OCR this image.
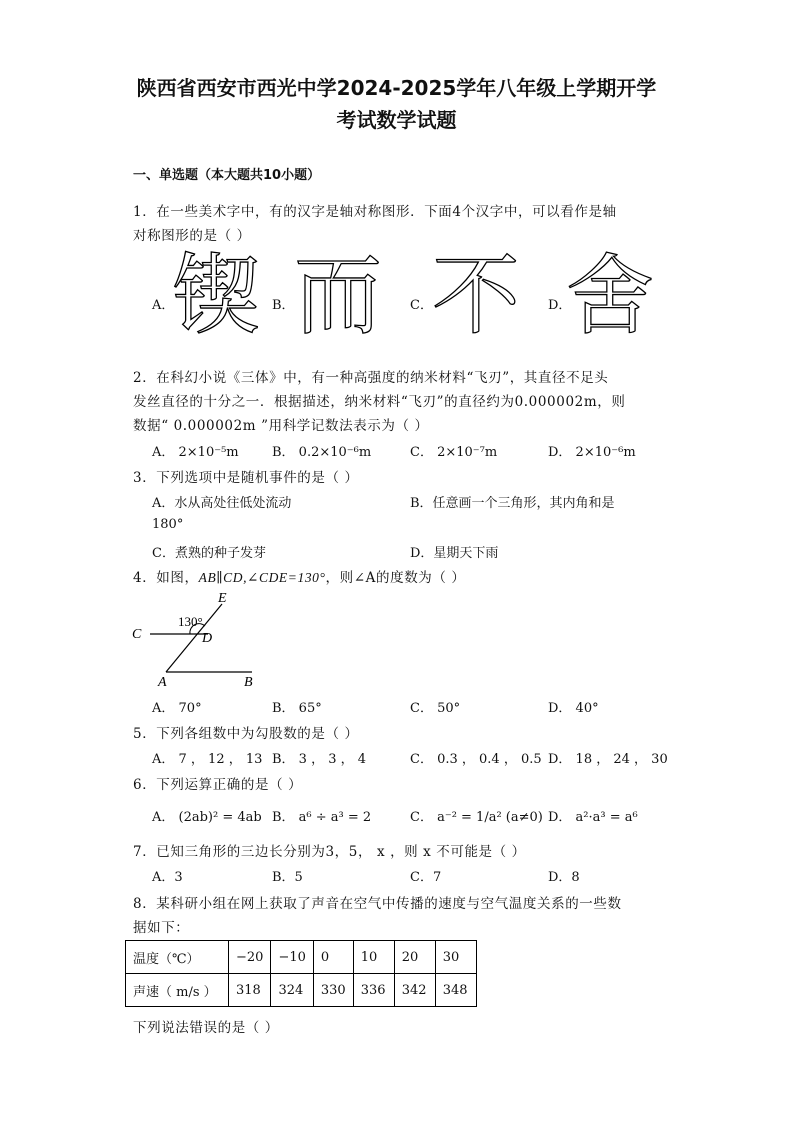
陕西省西安市西光中学2024-2025学年八年级上学期开学
考试数学试题
一、单选题（本大题共10小题）
1．在一些美术字中，有的汉字是轴对称图形．下面4个汉字中，可以看作是轴
对称图形的是（ ）
A．
锲 B． 而 C． 不 D．
舍
2．在科幻小说《三体》中，有一种高强度的纳米材料“飞刃”，其直径不足头
发丝直径的十分之一．根据描述，纳米材料“飞刃”的直径约为0.000002m，则
数据“ 0.000002m ”用科学记数法表示为（ ）
A． 2×10⁻⁵m	B． 0.2×10⁻⁶m	C． 2×10⁻⁷m	D． 2×10⁻⁶m
3．下列选项中是随机事件的是（ ）
A．水从高处往低处流动	B．任意画一个三角形，其内角和是
180°
C．煮熟的种子发芽	D．星期天下雨
4．如图，AB∥CD,∠CDE=130°，则∠A的度数为（ ）
E
C	D
A	B
130°
A． 70°	B． 65°	C． 50°	D． 40°
5．下列各组数中为勾股数的是（ ）
A． 7 ， 12 ， 13 B． 3 ， 3 ， 4	C． 0.3 ， 0.4 ， 0.5 D． 18 ， 24 ， 30
6．下列运算正确的是（ ）
A． (2ab)² = 4ab B． a⁶ ÷ a³ = 2	C． a⁻² = 1/a² (a≠0) D． a²·a³ = a⁶
7．已知三角形的三边长分别为3，5， x ，则 x 不可能是（ ）
A．3	B．5	C．7	D．8
8．某科研小组在网上获取了声音在空气中传播的速度与空气温度关系的一些数
据如下：
温度（℃）	−20	−10	0	10	20	30
声速（ m/s ）	318	324	330	336	342	348
下列说法错误的是（ ）
